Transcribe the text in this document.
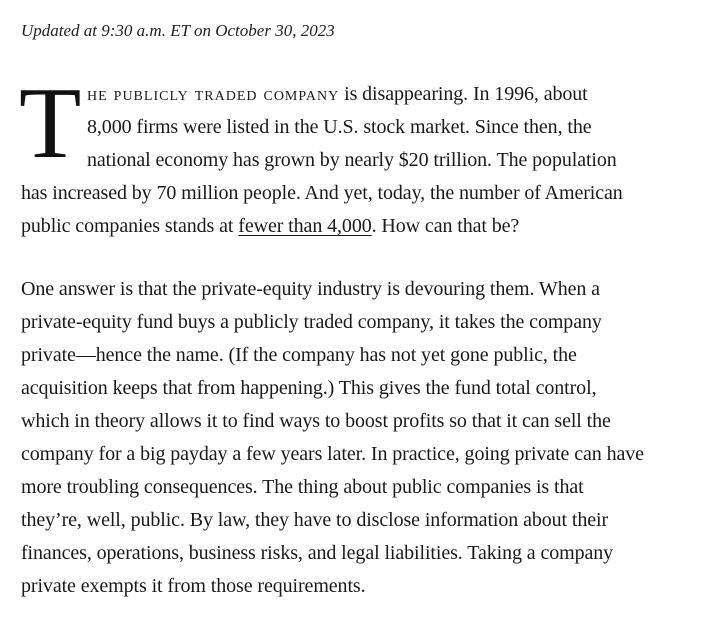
Updated at 9:30 a.m. ET on October 30, 2023
T he publicly traded company is disappearing. In 1996, about
8,000 firms were listed in the U.S. stock market. Since then, the
national economy has grown by nearly $20 trillion. The population
has increased by 70 million people. And yet, today, the number of American
public companies stands at fewer than 4,000. How can that be?
One answer is that the private-equity industry is devouring them. When a
private-equity fund buys a publicly traded company, it takes the company
private—hence the name. (If the company has not yet gone public, the
acquisition keeps that from happening.) This gives the fund total control,
which in theory allows it to find ways to boost profits so that it can sell the
company for a big payday a few years later. In practice, going private can have
more troubling consequences. The thing about public companies is that
they’re, well, public. By law, they have to disclose information about their
finances, operations, business risks, and legal liabilities. Taking a company
private exempts it from those requirements.
